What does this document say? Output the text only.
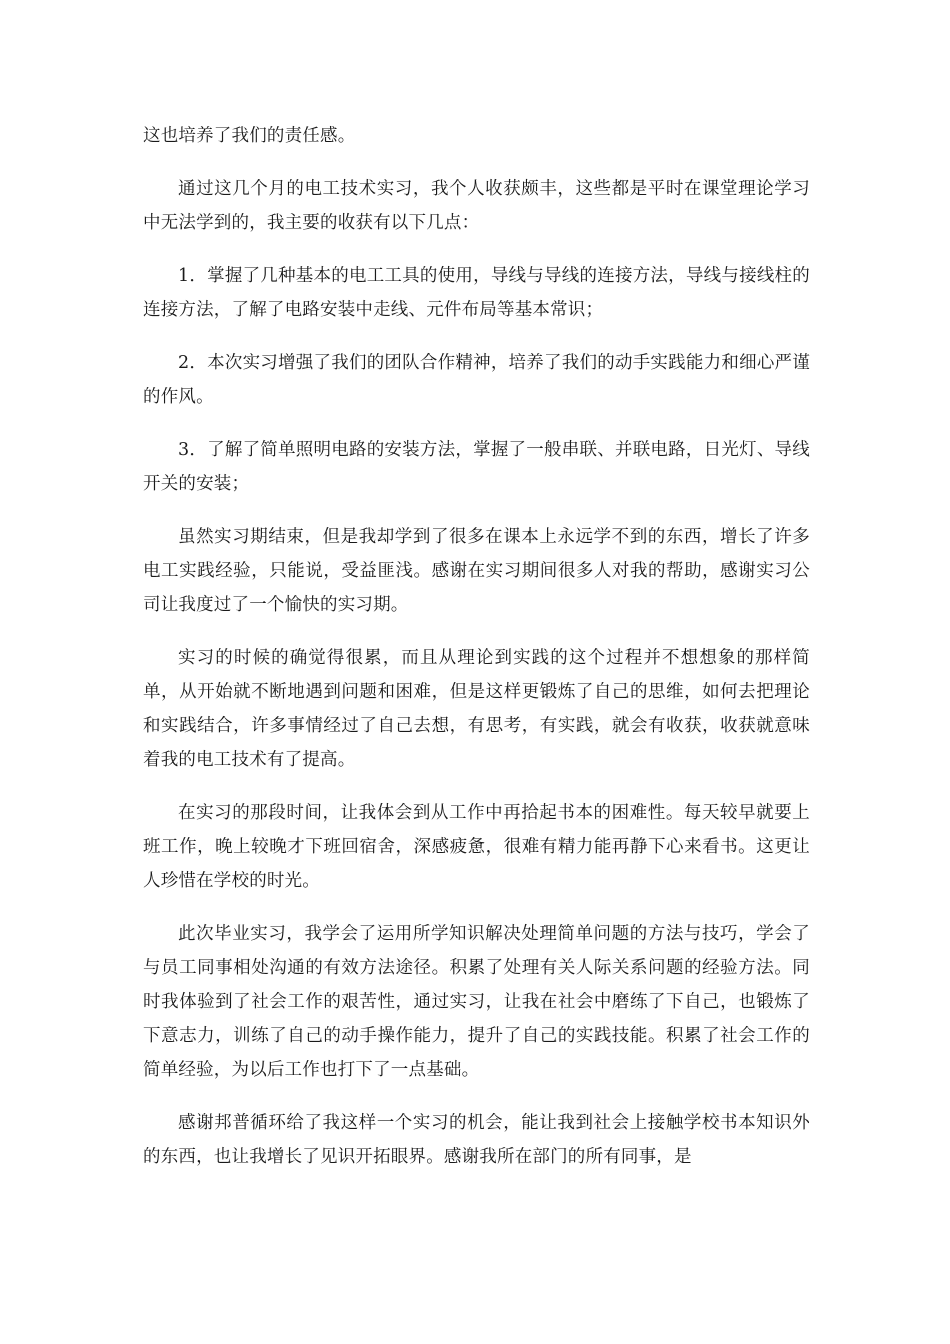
这也培养了我们的责任感。

通过这几个月的电工技术实习，我个人收获颇丰，这些都是平时在课堂理论学习中无法学到的，我主要的收获有以下几点：

1．掌握了几种基本的电工工具的使用，导线与导线的连接方法，导线与接线柱的连接方法，了解了电路安装中走线、元件布局等基本常识；

2．本次实习增强了我们的团队合作精神，培养了我们的动手实践能力和细心严谨的作风。

3．了解了简单照明电路的安装方法，掌握了一般串联、并联电路，日光灯、导线开关的安装；

虽然实习期结束，但是我却学到了很多在课本上永远学不到的东西，增长了许多电工实践经验，只能说，受益匪浅。感谢在实习期间很多人对我的帮助，感谢实习公司让我度过了一个愉快的实习期。

实习的时候的确觉得很累，而且从理论到实践的这个过程并不想想象的那样简单，从开始就不断地遇到问题和困难，但是这样更锻炼了自己的思维，如何去把理论和实践结合，许多事情经过了自己去想，有思考，有实践，就会有收获，收获就意味着我的电工技术有了提高。

在实习的那段时间，让我体会到从工作中再拾起书本的困难性。每天较早就要上班工作，晚上较晚才下班回宿舍，深感疲惫，很难有精力能再静下心来看书。这更让人珍惜在学校的时光。

此次毕业实习，我学会了运用所学知识解决处理简单问题的方法与技巧，学会了与员工同事相处沟通的有效方法途径。积累了处理有关人际关系问题的经验方法。同时我体验到了社会工作的艰苦性，通过实习，让我在社会中磨练了下自己，也锻炼了下意志力，训练了自己的动手操作能力，提升了自己的实践技能。积累了社会工作的简单经验，为以后工作也打下了一点基础。

感谢邦普循环给了我这样一个实习的机会，能让我到社会上接触学校书本知识外的东西，也让我增长了见识开拓眼界。感谢我所在部门的所有同事，是
